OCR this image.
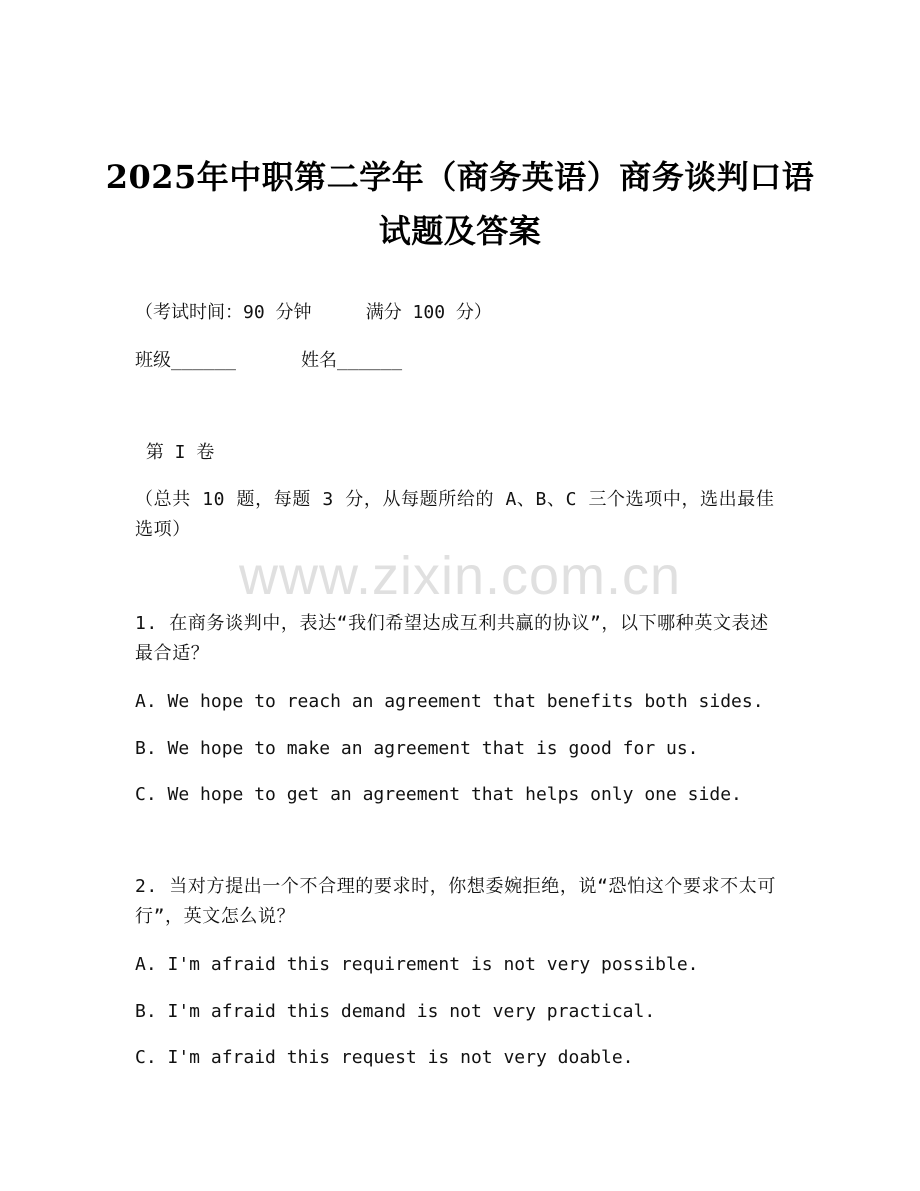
2025年中职第二学年（商务英语）商务谈判口语试题及答案
（考试时间：90 分钟     满分 100 分）
班级______      姓名______
第 I 卷
（总共 10 题，每题 3 分，从每题所给的 A、B、C 三个选项中，选出最佳选项）
www.zixin.com.cn
1. 在商务谈判中，表达“我们希望达成互利共赢的协议”，以下哪种英文表述最合适？
A. We hope to reach an agreement that benefits both sides.
B. We hope to make an agreement that is good for us.
C. We hope to get an agreement that helps only one side.
2. 当对方提出一个不合理的要求时，你想委婉拒绝，说“恐怕这个要求不太可行”，英文怎么说？
A. I'm afraid this requirement is not very possible.
B. I'm afraid this demand is not very practical.
C. I'm afraid this request is not very doable.
